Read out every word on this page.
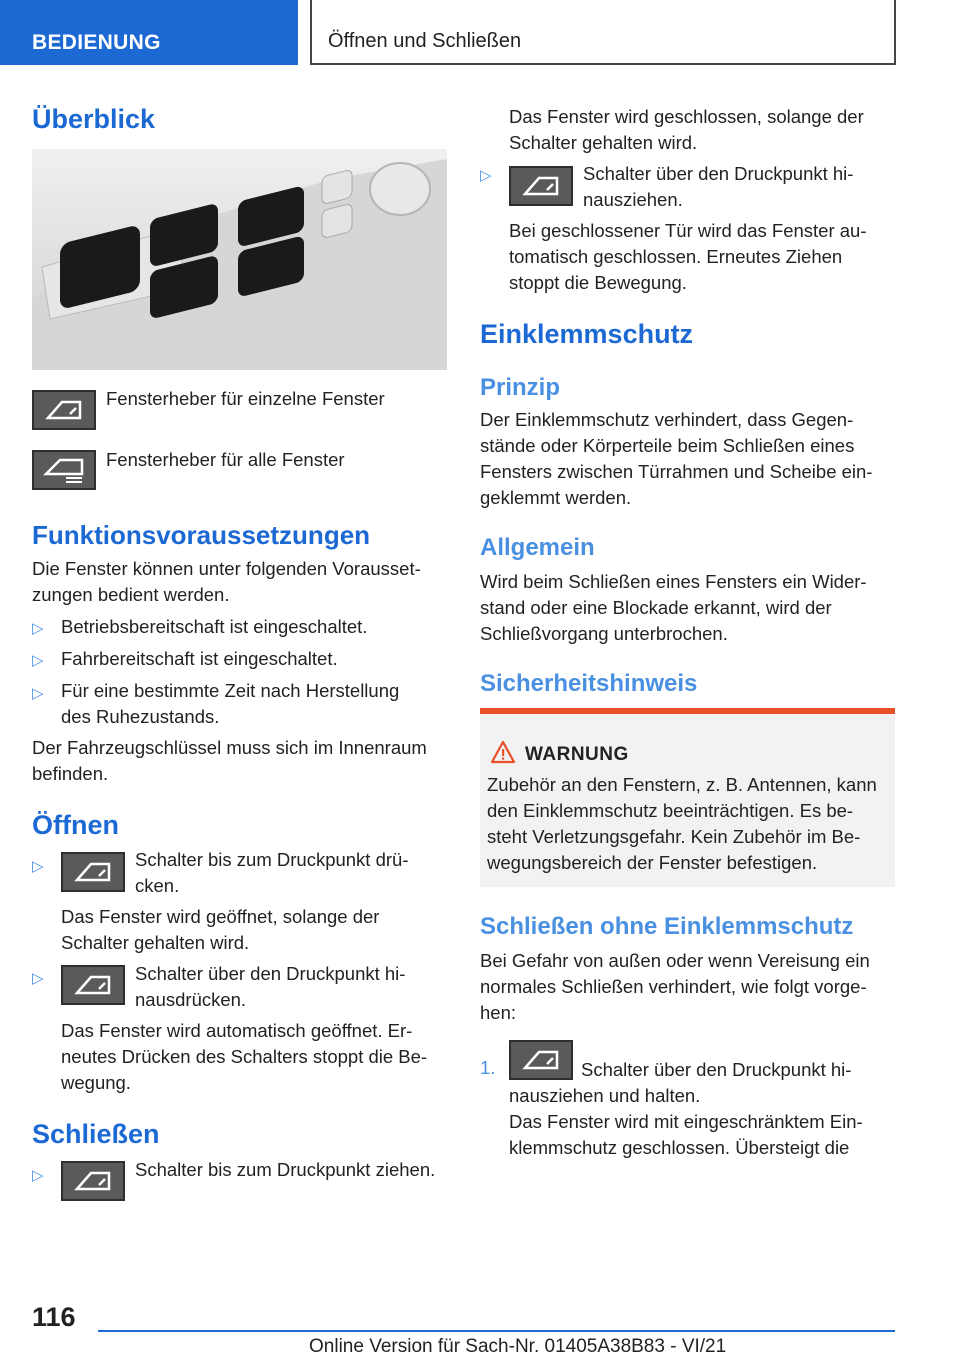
BEDIENUNG	Öffnen und Schließen
Überblick
Fensterheber für einzelne Fenster
Fensterheber für alle Fenster
Funktionsvoraussetzungen
Die Fenster können unter folgenden Vorausset-
zungen bedient werden.
▷ Betriebsbereitschaft ist eingeschaltet.
▷ Fahrbereitschaft ist eingeschaltet.
▷ Für eine bestimmte Zeit nach Herstellung
des Ruhezustands.
Der Fahrzeugschlüssel muss sich im Innenraum
befinden.
Öffnen
▷	Schalter bis zum Druckpunkt drü-
cken.
Das Fenster wird geöffnet, solange der
Schalter gehalten wird.
▷	Schalter über den Druckpunkt hi-
nausdrücken.
Das Fenster wird automatisch geöffnet. Er-
neutes Drücken des Schalters stoppt die Be-
wegung.
Schließen
▷	Schalter bis zum Druckpunkt ziehen.
Das Fenster wird geschlossen, solange der
Schalter gehalten wird.
▷	Schalter über den Druckpunkt hi-
nausziehen.
Bei geschlossener Tür wird das Fenster au-
tomatisch geschlossen. Erneutes Ziehen
stoppt die Bewegung.
Einklemmschutz
Prinzip
Der Einklemmschutz verhindert, dass Gegen-
stände oder Körperteile beim Schließen eines
Fensters zwischen Türrahmen und Scheibe ein-
geklemmt werden.
Allgemein
Wird beim Schließen eines Fensters ein Wider-
stand oder eine Blockade erkannt, wird der
Schließvorgang unterbrochen.
Sicherheitshinweis
WARNUNG
Zubehör an den Fenstern, z. B. Antennen, kann
den Einklemmschutz beeinträchtigen. Es be-
steht Verletzungsgefahr. Kein Zubehör im Be-
wegungsbereich der Fenster befestigen.
Schließen ohne Einklemmschutz
Bei Gefahr von außen oder wenn Vereisung ein
normales Schließen verhindert, wie folgt vorge-
hen:
1.	Schalter über den Druckpunkt hi-
nausziehen und halten.
Das Fenster wird mit eingeschränktem Ein-
klemmschutz geschlossen. Übersteigt die
116
Online Version für Sach-Nr. 01405A38B83 - VI/21
